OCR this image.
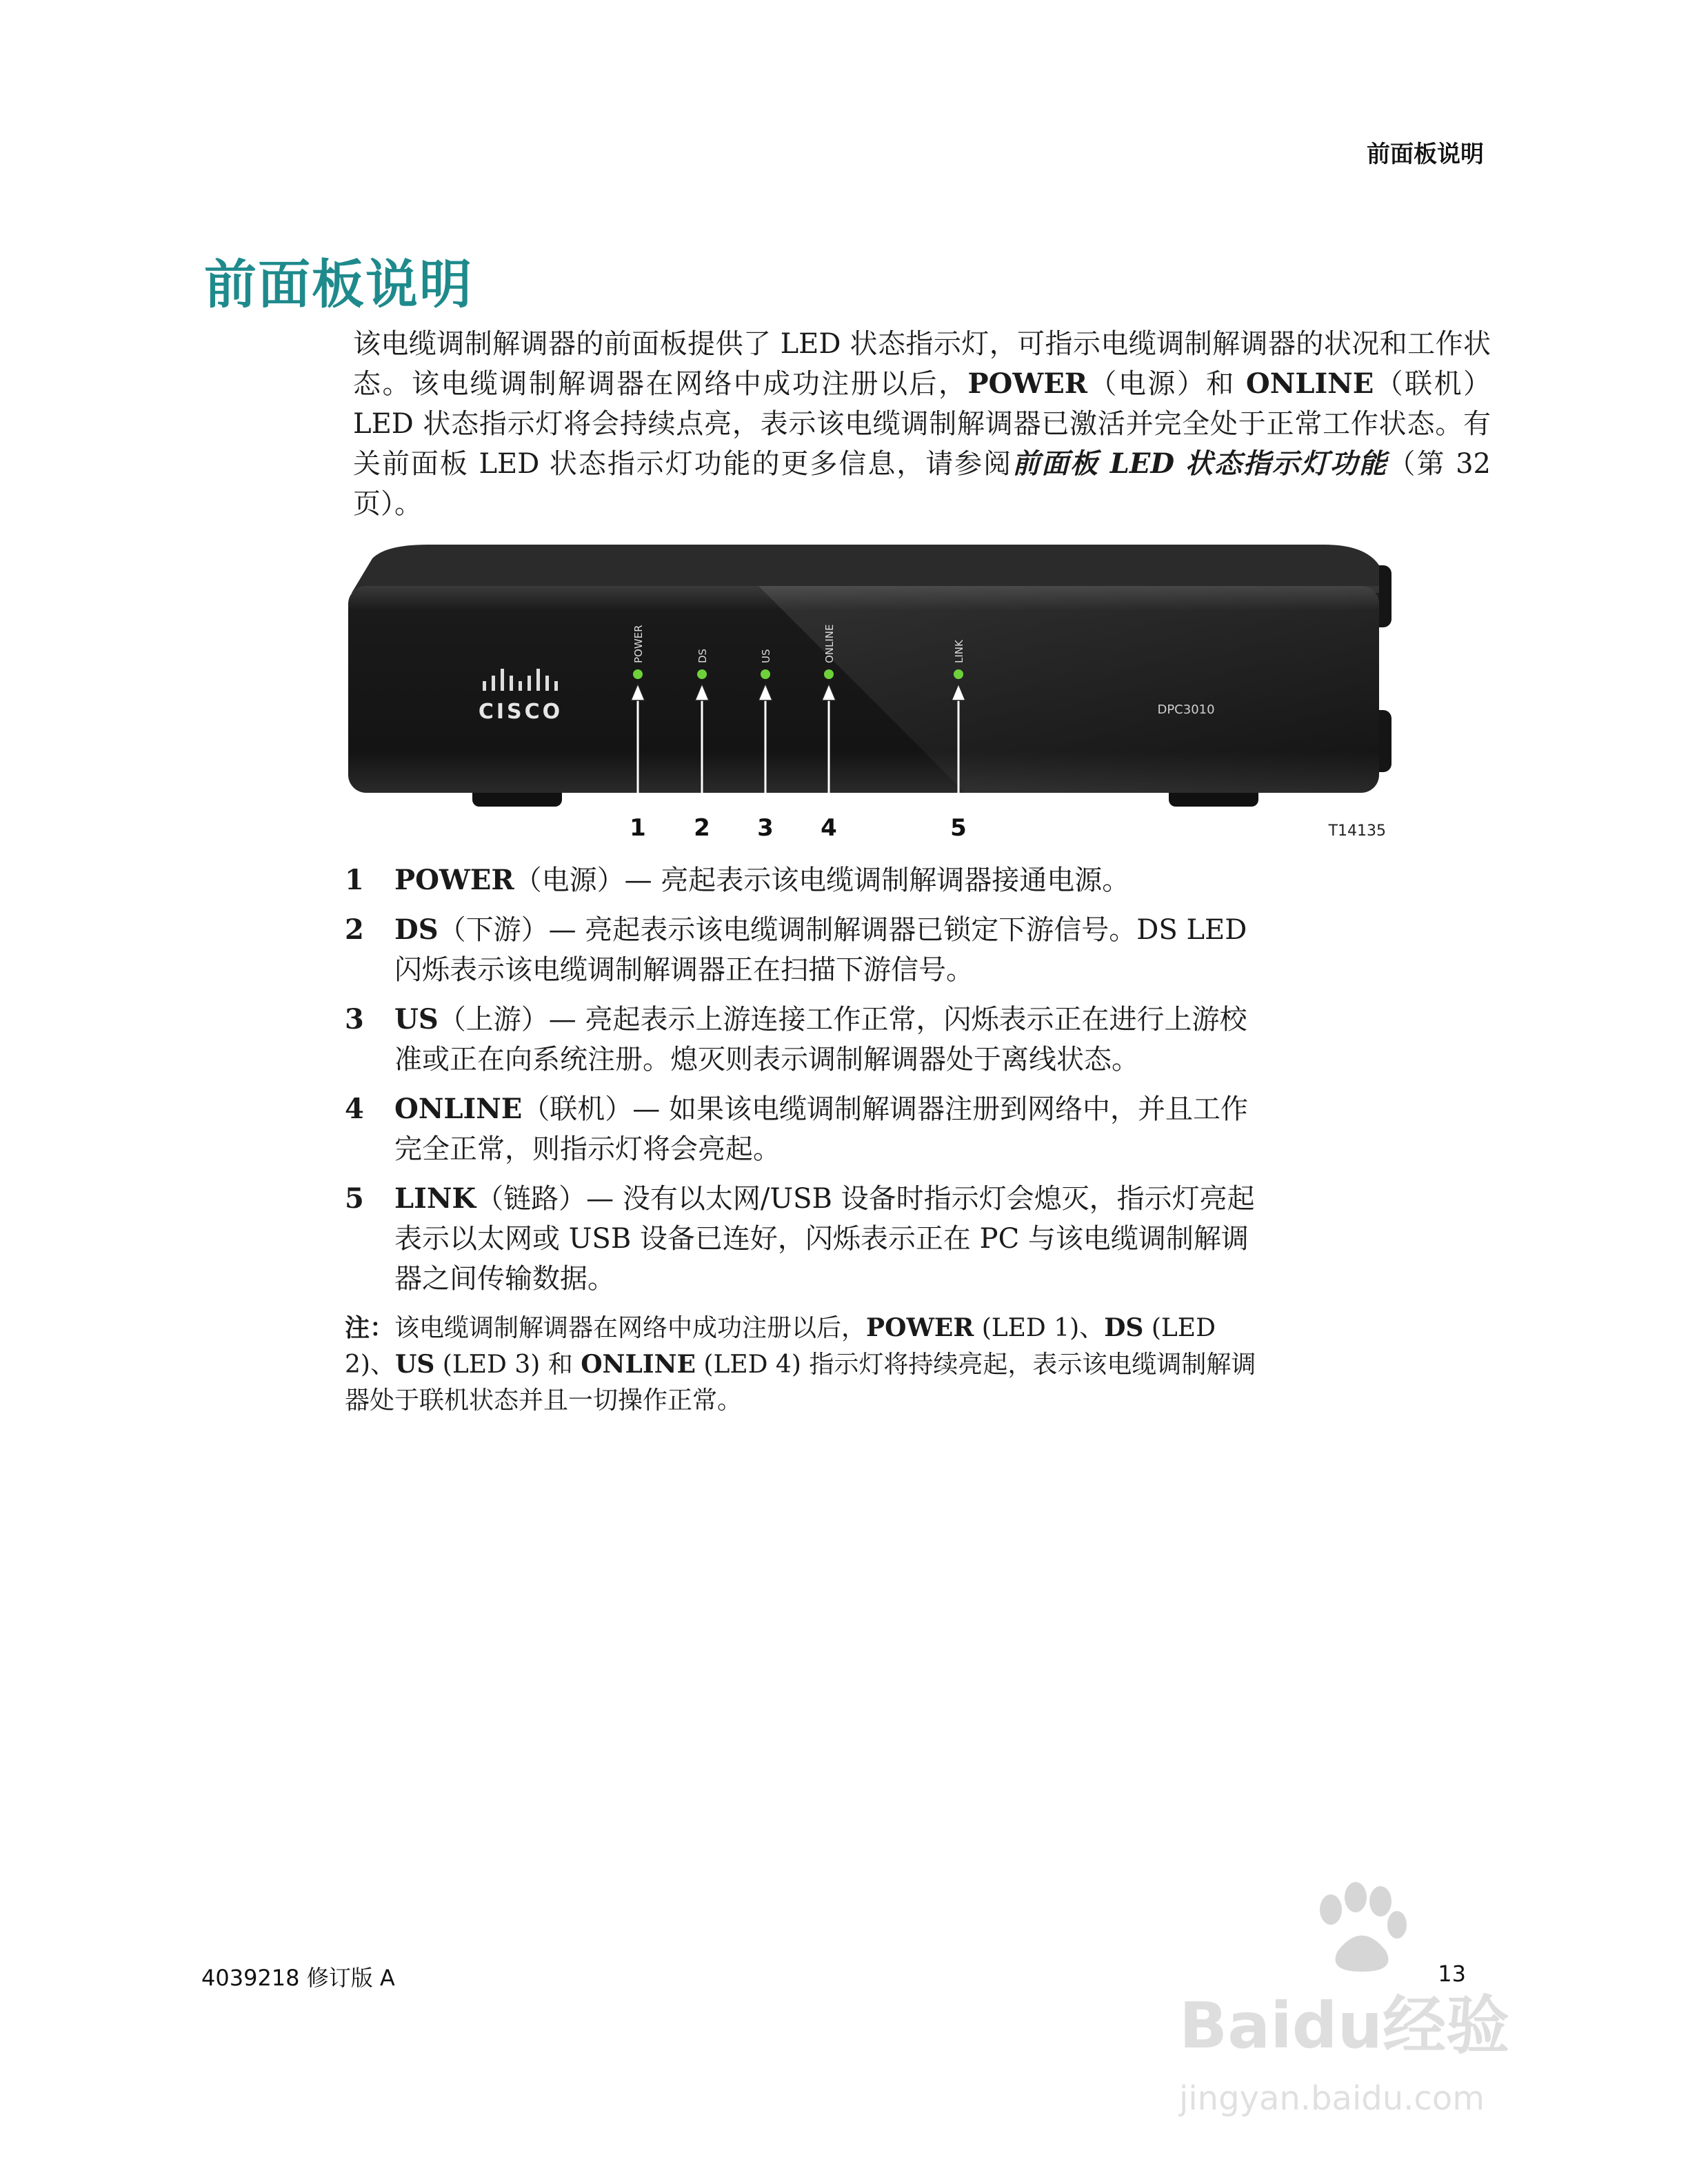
前面板说明
前面板说明

该电缆调制解调器的前面板提供了 LED 状态指示灯，可指示电缆调制解调器的状况和工作状态。该电缆调制解调器在网络中成功注册以后，POWER（电源）和 ONLINE（联机）LED 状态指示灯将会持续点亮，表示该电缆调制解调器已激活并完全处于正常工作状态。有关前面板 LED 状态指示灯功能的更多信息，请参阅前面板 LED 状态指示灯功能（第 32 页）。

CISCO	DPC3010
T14135
POWER
1
DS
2
US
3
ONLINE
4
LINK
5
1 POWER（电源）— 亮起表示该电缆调制解调器接通电源。
2 DS（下游）— 亮起表示该电缆调制解调器已锁定下游信号。DS LED 闪烁表示该电缆调制解调器正在扫描下游信号。
3 US（上游）— 亮起表示上游连接工作正常，闪烁表示正在进行上游校准或正在向系统注册。熄灭则表示调制解调器处于离线状态。
4 ONLINE（联机）— 如果该电缆调制解调器注册到网络中，并且工作完全正常，则指示灯将会亮起。
5 LINK（链路）— 没有以太网/USB 设备时指示灯会熄灭，指示灯亮起表示以太网或 USB 设备已连好，闪烁表示正在 PC 与该电缆调制解调器之间传输数据。

注：该电缆调制解调器在网络中成功注册以后，POWER (LED 1)、DS (LED 2)、US (LED 3) 和 ONLINE (LED 4) 指示灯将持续亮起，表示该电缆调制解调器处于联机状态并且一切操作正常。

4039218 修订版 A	13
Baidu经验
jingyan.baidu.com
